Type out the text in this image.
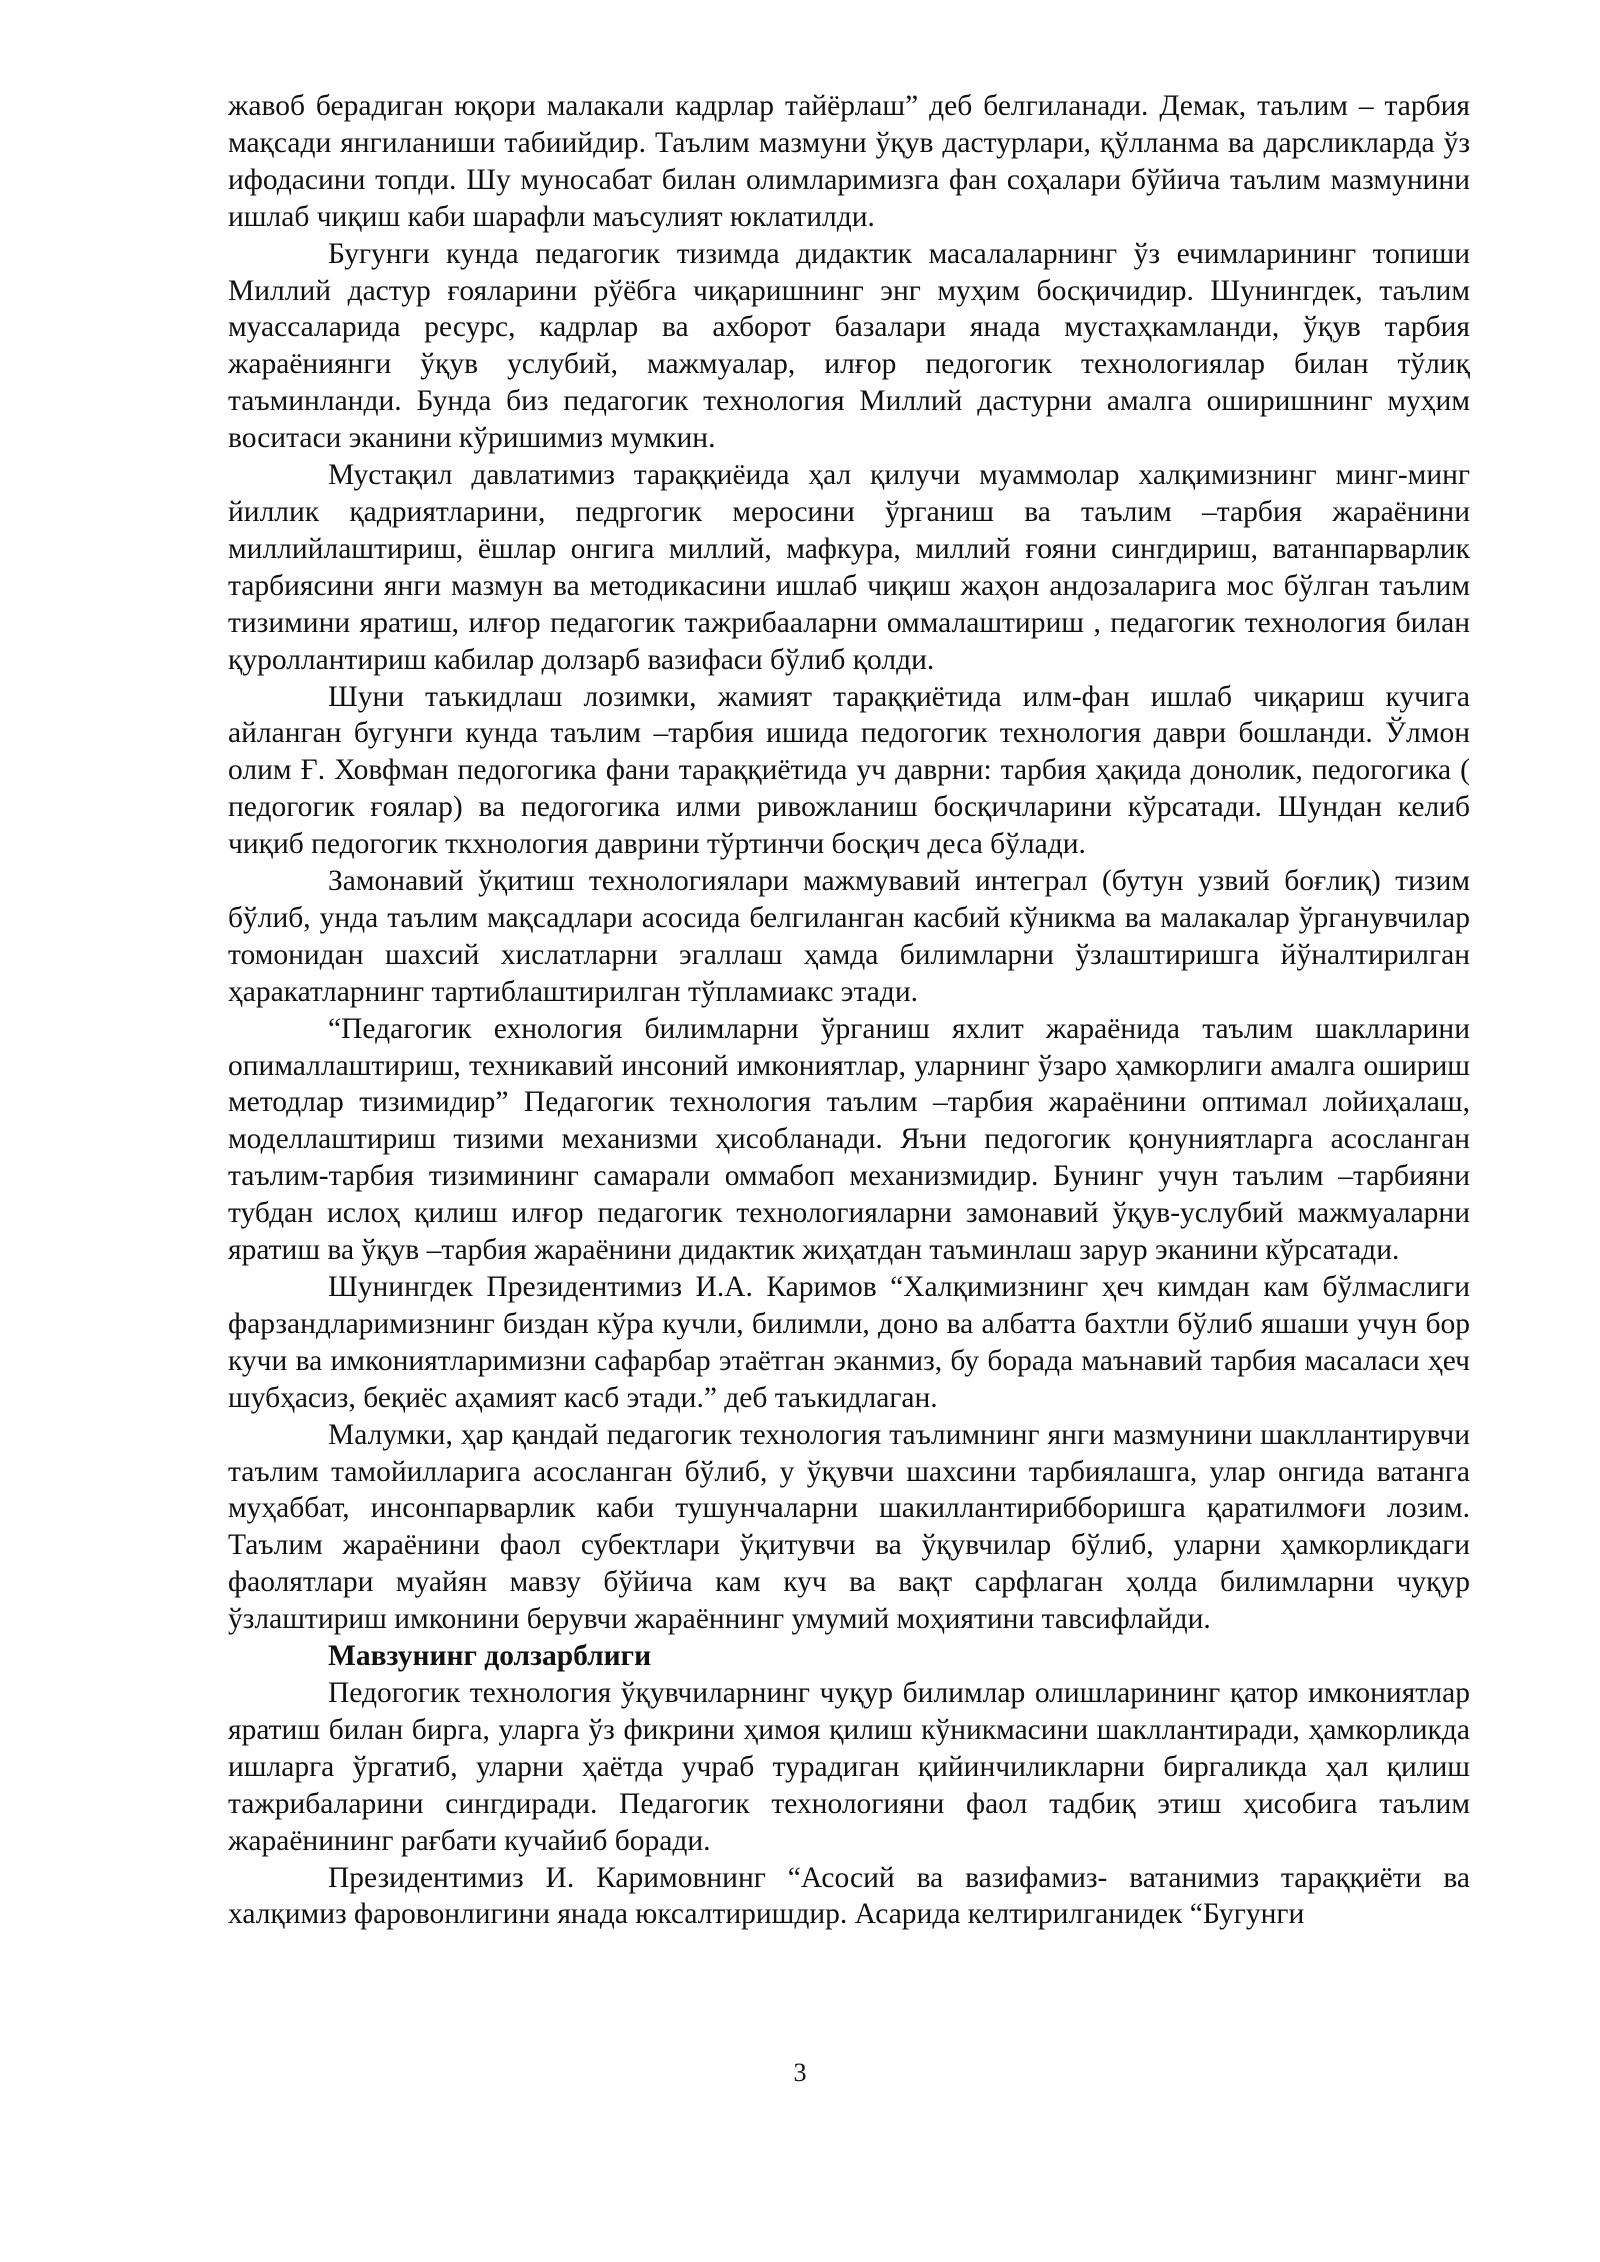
жавоб берадиган юқори малакали кадрлар тайёрлаш” деб белгиланади. Демак, таълим – тарбия мақсади янгиланиши табиийдир. Таълим мазмуни ўқув дастурлари, қўлланма ва дарсликларда ўз ифодасини топди. Шу муносабат билан олимларимизга фан соҳалари бўйича таълим мазмунини ишлаб чиқиш каби шарафли маъсулият юклатилди.

Бугунги кунда педагогик тизимда дидактик масалаларнинг ўз ечимларининг топиши Миллий дастур ғояларини рўёбга чиқаришнинг энг муҳим босқичидир. Шунингдек, таълим муассаларида ресурс, кадрлар ва ахборот базалари янада мустаҳкамланди, ўқув тарбия жараёниянги ўқув услубий, мажмуалар, илғор педогогик технологиялар билан тўлиқ таъминланди. Бунда биз педагогик технология Миллий дастурни амалга оширишнинг муҳим воситаси эканини кўришимиз мумкин.

Мустақил давлатимиз тараққиёида ҳал қилучи муаммолар халқимизнинг минг-минг йиллик қадриятларини, педргогик меросини ўрганиш ва таълим –тарбия жараёнини миллийлаштириш, ёшлар онгига миллий, мафкура, миллий ғояни сингдириш, ватанпарварлик тарбиясини янги мазмун ва методикасини ишлаб чиқиш жаҳон андозаларига мос бўлган таълим тизимини яратиш, илғор педагогик тажрибааларни оммалаштириш , педагогик технология билан қуроллантириш кабилар долзарб вазифаси бўлиб қолди.

Шуни таъкидлаш лозимки, жамият тараққиётида илм-фан ишлаб чиқариш кучига айланган бугунги кунда таълим –тарбия ишида педогогик технология даври бошланди. Ўлмон олим Ғ. Ховфман педогогика фани тараққиётида уч даврни: тарбия ҳақида донолик, педогогика ( педогогик ғоялар) ва педогогика илми ривожланиш босқичларини кўрсатади. Шундан келиб чиқиб педогогик ткхнология даврини тўртинчи босқич деса бўлади.

Замонавий ўқитиш технологиялари мажмувавий интеграл (бутун узвий боғлиқ) тизим бўлиб, унда таълим мақсадлари асосида белгиланган касбий кўникма ва малакалар ўрганувчилар томонидан шахсий хислатларни эгаллаш ҳамда билимларни ўзлаштиришга йўналтирилган ҳаракатларнинг тартиблаштирилган тўпламиакс этади.

“Педагогик ехнология билимларни ўрганиш яхлит жараёнида таълим шаклларини опималлаштириш, техникавий инсоний имкониятлар, уларнинг ўзаро ҳамкорлиги амалга ошириш методлар тизимидир” Педагогик технология таълим –тарбия жараёнини оптимал лойиҳалаш, моделлаштириш тизими механизми ҳисобланади. Яъни педогогик қонуниятларга асосланган таълим-тарбия тизимининг самарали оммабоп механизмидир. Бунинг учун таълим –тарбияни тубдан ислоҳ қилиш илғор педагогик технологияларни замонавий ўқув-услубий мажмуаларни яратиш ва ўқув –тарбия жараёнини дидактик жиҳатдан таъминлаш зарур эканини кўрсатади.

Шунингдек Президентимиз И.А. Каримов “Халқимизнинг ҳеч кимдан кам бўлмаслиги фарзандларимизнинг биздан кўра кучли, билимли, доно ва албатта бахтли бўлиб яшаши учун бор кучи ва имкониятларимизни сафарбар этаётган эканмиз, бу борада маънавий тарбия масаласи ҳеч шубҳасиз, беқиёс аҳамият касб этади.” деб таъкидлаган.

Малумки, ҳар қандай педагогик технология таълимнинг янги мазмунини шакллантирувчи таълим тамойилларига асосланган бўлиб, у ўқувчи шахсини тарбиялашга, улар онгида ватанга муҳаббат, инсонпарварлик каби тушунчаларни шакиллантирибборишга қаратилмоғи лозим. Таълим жараёнини фаол субектлари ўқитувчи ва ўқувчилар бўлиб, уларни ҳамкорликдаги фаолятлари муайян мавзу бўйича кам куч ва вақт сарфлаган ҳолда билимларни чуқур ўзлаштириш имконини берувчи жараённинг умумий моҳиятини тавсифлайди.

Мавзунинг долзарблиги

Педогогик технология ўқувчиларнинг чуқур билимлар олишларининг қатор имкониятлар яратиш билан бирга, уларга ўз фикрини ҳимоя қилиш кўникмасини шакллантиради, ҳамкорликда ишларга ўргатиб, уларни ҳаётда учраб турадиган қийинчиликларни биргаликда ҳал қилиш тажрибаларини сингдиради. Педагогик технологияни фаол тадбиқ этиш ҳисобига таълим жараёнининг рағбати кучайиб боради.

Президентимиз И. Каримовнинг “Асосий ва вазифамиз- ватанимиз тараққиёти ва халқимиз фаровонлигини янада юксалтиришдир. Асарида келтирилганидек “Бугунги

3
